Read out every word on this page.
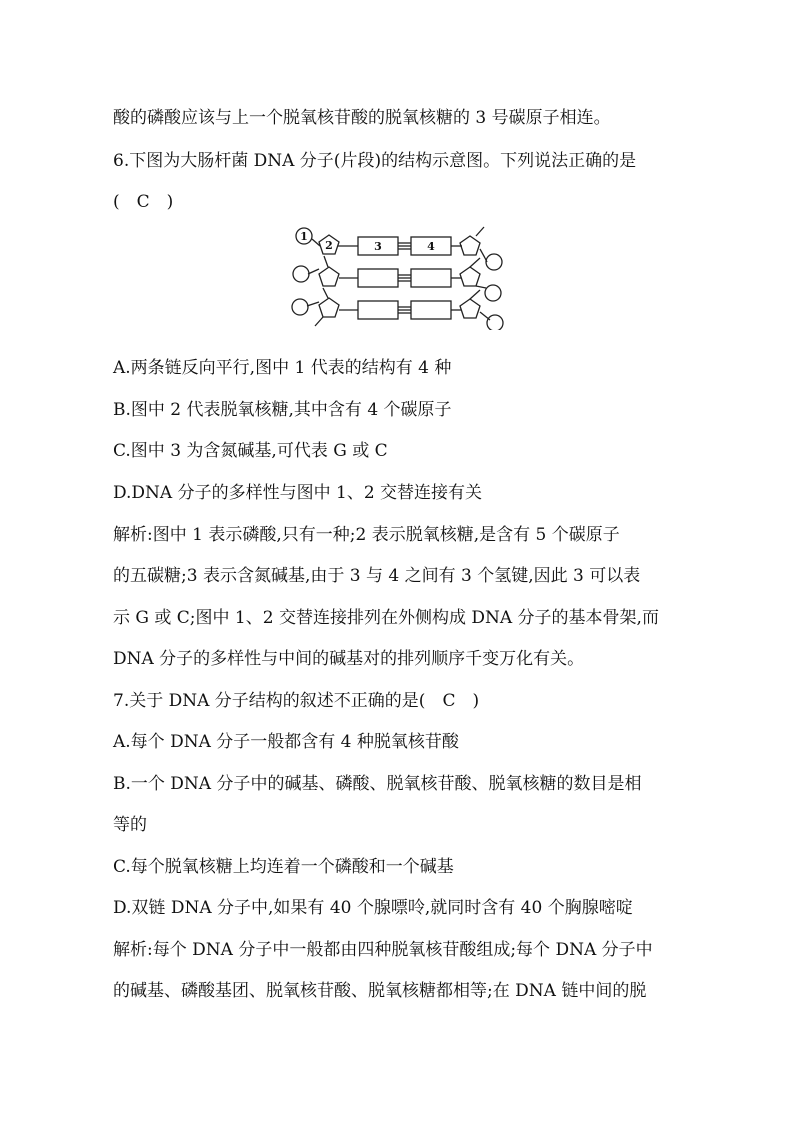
酸的磷酸应该与上一个脱氧核苷酸的脱氧核糖的 3 号碳原子相连。
6.下图为大肠杆菌 DNA 分子(片段)的结构示意图。下列说法正确的是
(　C　)
1
2	3	4
A.两条链反向平行,图中 1 代表的结构有 4 种
B.图中 2 代表脱氧核糖,其中含有 4 个碳原子
C.图中 3 为含氮碱基,可代表 G 或 C
D.DNA 分子的多样性与图中 1、2 交替连接有关
解析:图中 1 表示磷酸,只有一种;2 表示脱氧核糖,是含有 5 个碳原子
的五碳糖;3 表示含氮碱基,由于 3 与 4 之间有 3 个氢键,因此 3 可以表
示 G 或 C;图中 1、2 交替连接排列在外侧构成 DNA 分子的基本骨架,而
DNA 分子的多样性与中间的碱基对的排列顺序千变万化有关。
7.关于 DNA 分子结构的叙述不正确的是(　C　)
A.每个 DNA 分子一般都含有 4 种脱氧核苷酸
B.一个 DNA 分子中的碱基、磷酸、脱氧核苷酸、脱氧核糖的数目是相
等的
C.每个脱氧核糖上均连着一个磷酸和一个碱基
D.双链 DNA 分子中,如果有 40 个腺嘌呤,就同时含有 40 个胸腺嘧啶
解析:每个 DNA 分子中一般都由四种脱氧核苷酸组成;每个 DNA 分子中
的碱基、磷酸基团、脱氧核苷酸、脱氧核糖都相等;在 DNA 链中间的脱
